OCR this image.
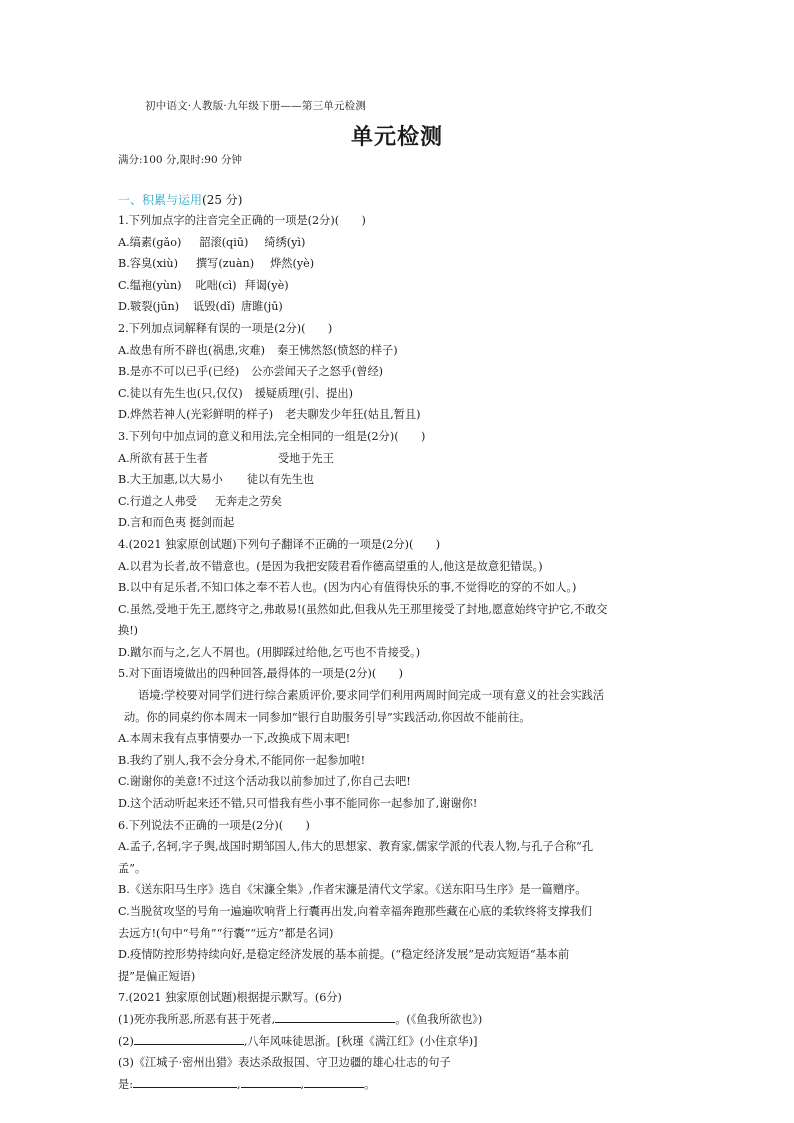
初中语文·人教版·九年级下册——第三单元检测
单元检测
满分:100 分,限时:90 分钟
一、积累与运用(25 分)
1.下列加点字的注音完全正确的一项是(2分)(　　)
A.缟素(gǎo) 韶滚(qiū) 绮绣(yì)
B.容臭(xiù) 撰写(zuàn) 烨然(yè)
C.缊袍(yùn) 叱咄(cì) 拜谒(yè)
D.皲裂(jūn) 诋毁(dǐ) 唐雎(jū)
2.下列加点词解释有误的一项是(2分)(　　)
A.故患有所不辟也(祸患,灾难) 秦王怫然怒(愤怒的样子)
B.是亦不可以已乎(已经) 公亦尝闻天子之怒乎(曾经)
C.徒以有先生也(只,仅仅) 援疑质理(引、提出)
D.烨然若神人(光彩鲜明的样子) 老夫聊发少年狂(姑且,暂且)
3.下列句中加点词的意义和用法,完全相同的一组是(2分)(　　)
A.所欲有甚于生者	受地于先王
B.大王加惠,以大易小 徒以有先生也
C.行道之人弗受 无奔走之劳矣
D.言和而色夷 挺剑而起
4.(2021 独家原创试题)下列句子翻译不正确的一项是(2分)(　　)
A.以君为长者,故不错意也。(是因为我把安陵君看作德高望重的人,他这是故意犯错误。)
B.以中有足乐者,不知口体之奉不若人也。(因为内心有值得快乐的事,不觉得吃的穿的不如人。)
C.虽然,受地于先王,愿终守之,弗敢易!(虽然如此,但我从先王那里接受了封地,愿意始终守护它,不敢交
换!)
D.蹴尔而与之,乞人不屑也。(用脚踩过给他,乞丐也不肯接受。)
5.对下面语境做出的四种回答,最得体的一项是(2分)(　　)
语境:学校要对同学们进行综合素质评价,要求同学们利用两周时间完成一项有意义的社会实践活
动。你的同桌约你本周末一同参加“银行自助服务引导”实践活动,你因故不能前往。
A.本周末我有点事情要办一下,改换成下周末吧!
B.我约了别人,我不会分身术,不能同你一起参加啦!
C.谢谢你的美意!不过这个活动我以前参加过了,你自己去吧!
D.这个活动听起来还不错,只可惜我有些小事不能同你一起参加了,谢谢你!
6.下列说法不正确的一项是(2分)(　　)
A.孟子,名轲,字子舆,战国时期邹国人,伟大的思想家、教育家,儒家学派的代表人物,与孔子合称“孔
孟”。
B.《送东阳马生序》选自《宋濂全集》,作者宋濂是清代文学家。《送东阳马生序》是一篇赠序。
C.当脱贫攻坚的号角一遍遍吹响背上行囊再出发,向着幸福奔跑那些藏在心底的柔软终将支撑我们
去远方!(句中“号角”“行囊”“远方”都是名词)
D.疫情防控形势持续向好,是稳定经济发展的基本前提。(“稳定经济发展”是动宾短语“基本前
提”是偏正短语)
7.(2021 独家原创试题)根据提示默写。(6分)
(1)死亦我所恶,所恶有甚于死者,	。(《鱼我所欲也》)
(2)	,八年风味徒思浙。[秋瑾《满江红》(小住京华)]
(3)《江城子·密州出猎》表达杀敌报国、守卫边疆的雄心壮志的句子
是:	,	,	。
